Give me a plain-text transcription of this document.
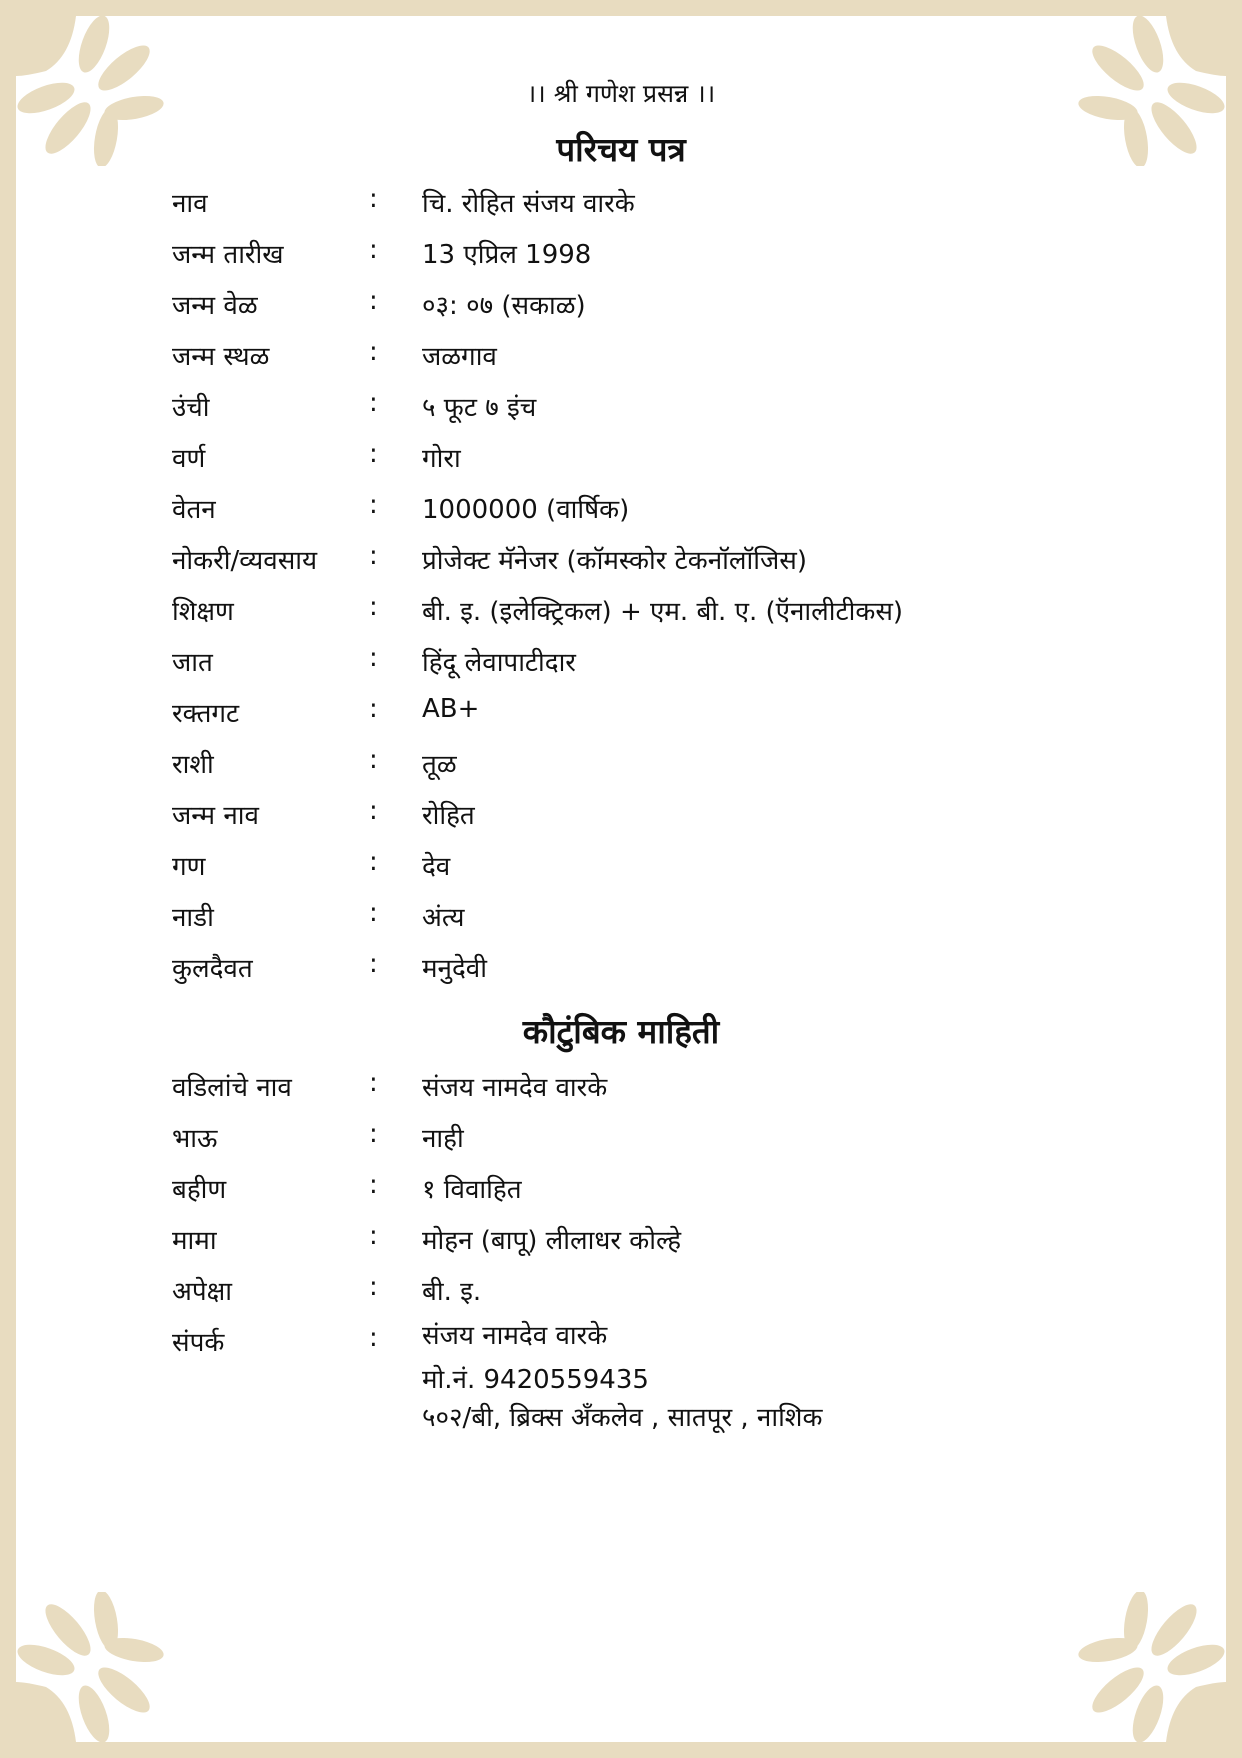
।। श्री गणेश प्रसन्न ।।
परिचय पत्र
नाव	: चि. रोहित संजय वारके
जन्म तारीख	: 13 एप्रिल 1998
जन्म वेळ	: ०३: ०७ (सकाळ)
जन्म स्थळ	: जळगाव
उंची	: ५ फूट ७ इंच
वर्ण	: गोरा
वेतन	: 1000000 (वार्षिक)
नोकरी/व्यवसाय : प्रोजेक्ट मॅनेजर (कॉमस्कोर टेकनॉलॉजिस)
शिक्षण	: बी. इ. (इलेक्ट्रिकल) + एम. बी. ए. (ऍनालीटीकस)
जात	: हिंदू लेवापाटीदार
रक्तगट	: AB+
राशी	: तूळ
जन्म नाव	: रोहित
गण	: देव
नाडी	: अंत्य
कुलदैवत	: मनुदेवी
कौटुंबिक माहिती
वडिलांचे नाव	: संजय नामदेव वारके
भाऊ	: नाही
बहीण	: १ विवाहित
मामा	: मोहन (बापू) लीलाधर कोल्हे
अपेक्षा	: बी. इ.
संपर्क	: संजय नामदेव वारके
मो.नं. 9420559435
५०२/बी, ब्रिक्स अँकलेव , सातपूर , नाशिक
